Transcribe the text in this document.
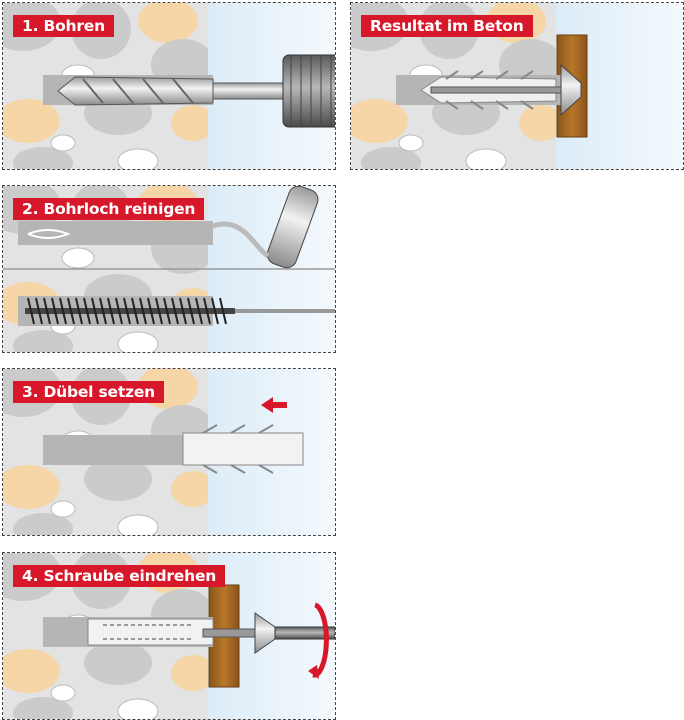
1. Bohren	Resultat im Beton
2. Bohrloch reinigen
3. Dübel setzen
4. Schraube eindrehen
